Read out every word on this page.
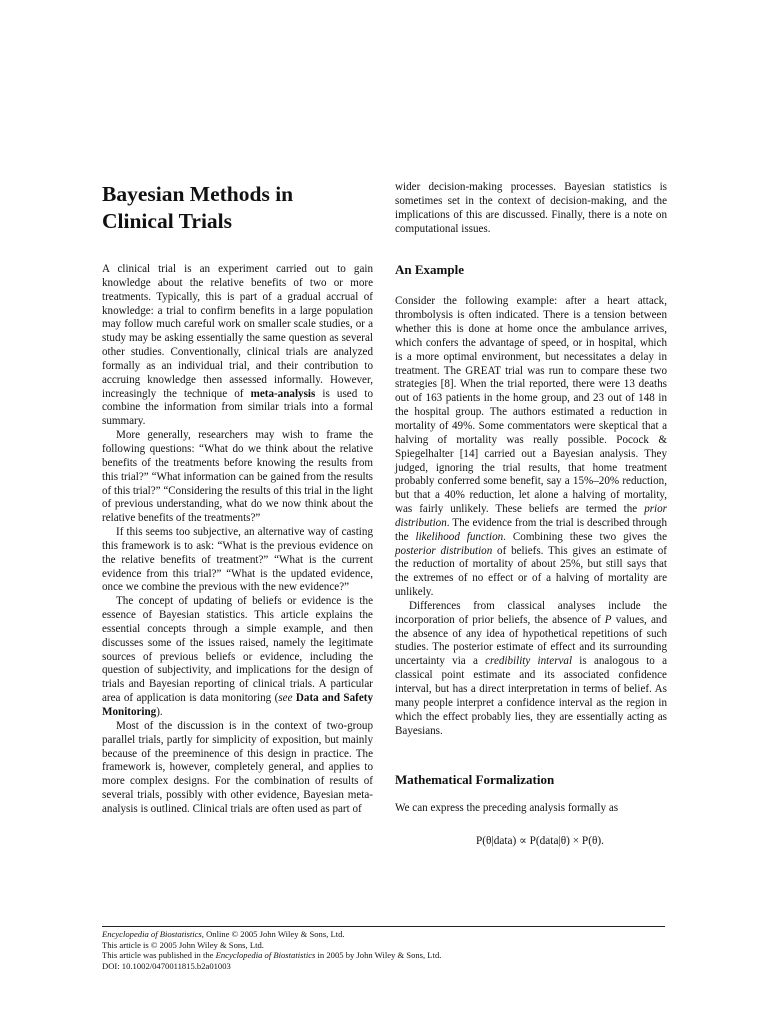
Bayesian Methods in
Clinical Trials

A clinical trial is an experiment carried out to gain knowledge about the relative benefits of two or more treatments. Typically, this is part of a gradual accrual of knowledge: a trial to confirm benefits in a large population may follow much careful work on smaller scale studies, or a study may be asking essentially the same question as several other studies. Conventionally, clinical trials are analyzed formally as an individual trial, and their contribution to accruing knowledge then assessed informally. However, increasingly the technique of meta-analysis is used to combine the information from similar trials into a formal summary.

More generally, researchers may wish to frame the following questions: “What do we think about the relative benefits of the treatments before knowing the results from this trial?” “What information can be gained from the results of this trial?” “Considering the results of this trial in the light of previous understanding, what do we now think about the relative benefits of the treatments?”

If this seems too subjective, an alternative way of casting this framework is to ask: “What is the previous evidence on the relative benefits of treatment?” “What is the current evidence from this trial?” “What is the updated evidence, once we combine the previous with the new evidence?”

The concept of updating of beliefs or evidence is the essence of Bayesian statistics. This article explains the essential concepts through a simple example, and then discusses some of the issues raised, namely the legitimate sources of previous beliefs or evidence, including the question of subjectivity, and implications for the design of trials and Bayesian reporting of clinical trials. A particular area of application is data monitoring (see Data and Safety Monitoring).

Most of the discussion is in the context of two-group parallel trials, partly for simplicity of exposition, but mainly because of the preeminence of this design in practice. The framework is, however, completely general, and applies to more complex designs. For the combination of results of several trials, possibly with other evidence, Bayesian meta-analysis is outlined. Clinical trials are often used as part of

wider decision-making processes. Bayesian statistics is sometimes set in the context of decision-making, and the implications of this are discussed. Finally, there is a note on computational issues.

An Example

Consider the following example: after a heart attack, thrombolysis is often indicated. There is a tension between whether this is done at home once the ambulance arrives, which confers the advantage of speed, or in hospital, which is a more optimal environment, but necessitates a delay in treatment. The GREAT trial was run to compare these two strategies [8]. When the trial reported, there were 13 deaths out of 163 patients in the home group, and 23 out of 148 in the hospital group. The authors estimated a reduction in mortality of 49%. Some commentators were skeptical that a halving of mortality was really possible. Pocock & Spiegelhalter [14] carried out a Bayesian analysis. They judged, ignoring the trial results, that home treatment probably conferred some benefit, say a 15%–20% reduction, but that a 40% reduction, let alone a halving of mortality, was fairly unlikely. These beliefs are termed the prior distribution. The evidence from the trial is described through the likelihood function. Combining these two gives the posterior distribution of beliefs. This gives an estimate of the reduction of mortality of about 25%, but still says that the extremes of no effect or of a halving of mortality are unlikely.

Differences from classical analyses include the incorporation of prior beliefs, the absence of P values, and the absence of any idea of hypothetical repetitions of such studies. The posterior estimate of effect and its surrounding uncertainty via a credibility interval is analogous to a classical point estimate and its associated confidence interval, but has a direct interpretation in terms of belief. As many people interpret a confidence interval as the region in which the effect probably lies, they are essentially acting as Bayesians.

Mathematical Formalization

We can express the preceding analysis formally as

P(θ|data) ∝ P(data|θ) × P(θ).
Encyclopedia of Biostatistics, Online © 2005 John Wiley & Sons, Ltd.
This article is © 2005 John Wiley & Sons, Ltd.
This article was published in the Encyclopedia of Biostatistics in 2005 by John Wiley & Sons, Ltd.
DOI: 10.1002/0470011815.b2a01003
